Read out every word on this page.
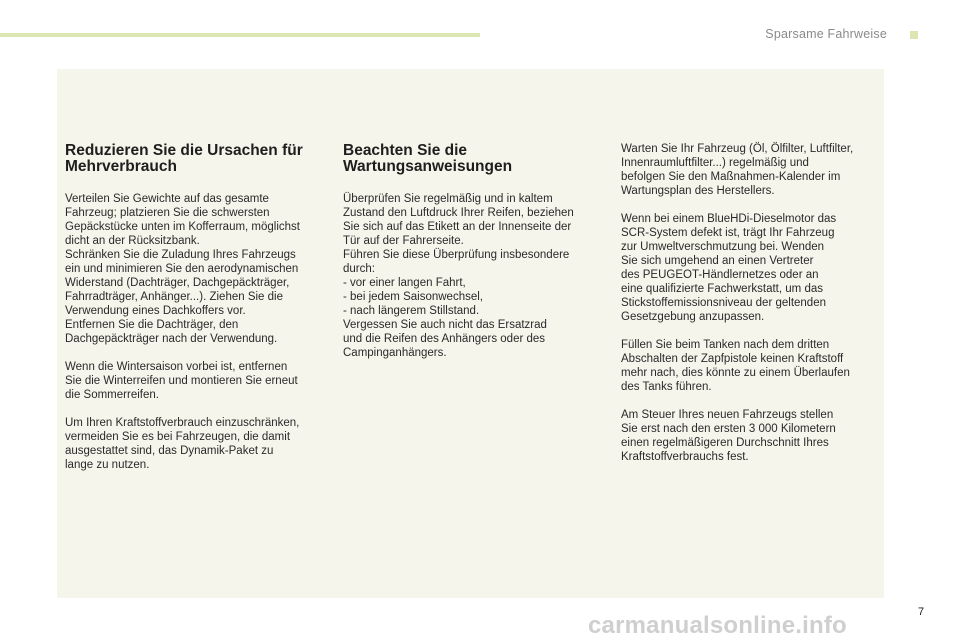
Sparsame Fahrweise
Reduzieren Sie die Ursachen für
Mehrverbrauch

Verteilen Sie Gewichte auf das gesamte
Fahrzeug; platzieren Sie die schwersten
Gepäckstücke unten im Kofferraum, möglichst
dicht an der Rücksitzbank.
Schränken Sie die Zuladung Ihres Fahrzeugs
ein und minimieren Sie den aerodynamischen
Widerstand (Dachträger, Dachgepäckträger,
Fahrradträger, Anhänger...). Ziehen Sie die
Verwendung eines Dachkoffers vor.
Entfernen Sie die Dachträger, den
Dachgepäckträger nach der Verwendung.

Wenn die Wintersaison vorbei ist, entfernen
Sie die Winterreifen und montieren Sie erneut
die Sommerreifen.

Um Ihren Kraftstoffverbrauch einzuschränken,
vermeiden Sie es bei Fahrzeugen, die damit
ausgestattet sind, das Dynamik-Paket zu
lange zu nutzen.

Beachten Sie die
Wartungsanweisungen

Überprüfen Sie regelmäßig und in kaltem
Zustand den Luftdruck Ihrer Reifen, beziehen
Sie sich auf das Etikett an der Innenseite der
Tür auf der Fahrerseite.
Führen Sie diese Überprüfung insbesondere
durch:
- vor einer langen Fahrt,
- bei jedem Saisonwechsel,
- nach längerem Stillstand.
Vergessen Sie auch nicht das Ersatzrad
und die Reifen des Anhängers oder des
Campinganhängers.

Warten Sie Ihr Fahrzeug (Öl, Ölfilter, Luftfilter,
Innenraumluftfilter...) regelmäßig und
befolgen Sie den Maßnahmen-Kalender im
Wartungsplan des Herstellers.

Wenn bei einem BlueHDi-Dieselmotor das
SCR-System defekt ist, trägt Ihr Fahrzeug
zur Umweltverschmutzung bei. Wenden
Sie sich umgehend an einen Vertreter
des PEUGEOT-Händlernetzes oder an
eine qualifizierte Fachwerkstatt, um das
Stickstoffemissionsniveau der geltenden
Gesetzgebung anzupassen.

Füllen Sie beim Tanken nach dem dritten
Abschalten der Zapfpistole keinen Kraftstoff
mehr nach, dies könnte zu einem Überlaufen
des Tanks führen.

Am Steuer Ihres neuen Fahrzeugs stellen
Sie erst nach den ersten 3 000 Kilometern
einen regelmäßigeren Durchschnitt Ihres
Kraftstoffverbrauchs fest.

7
carmanualsonline.info
